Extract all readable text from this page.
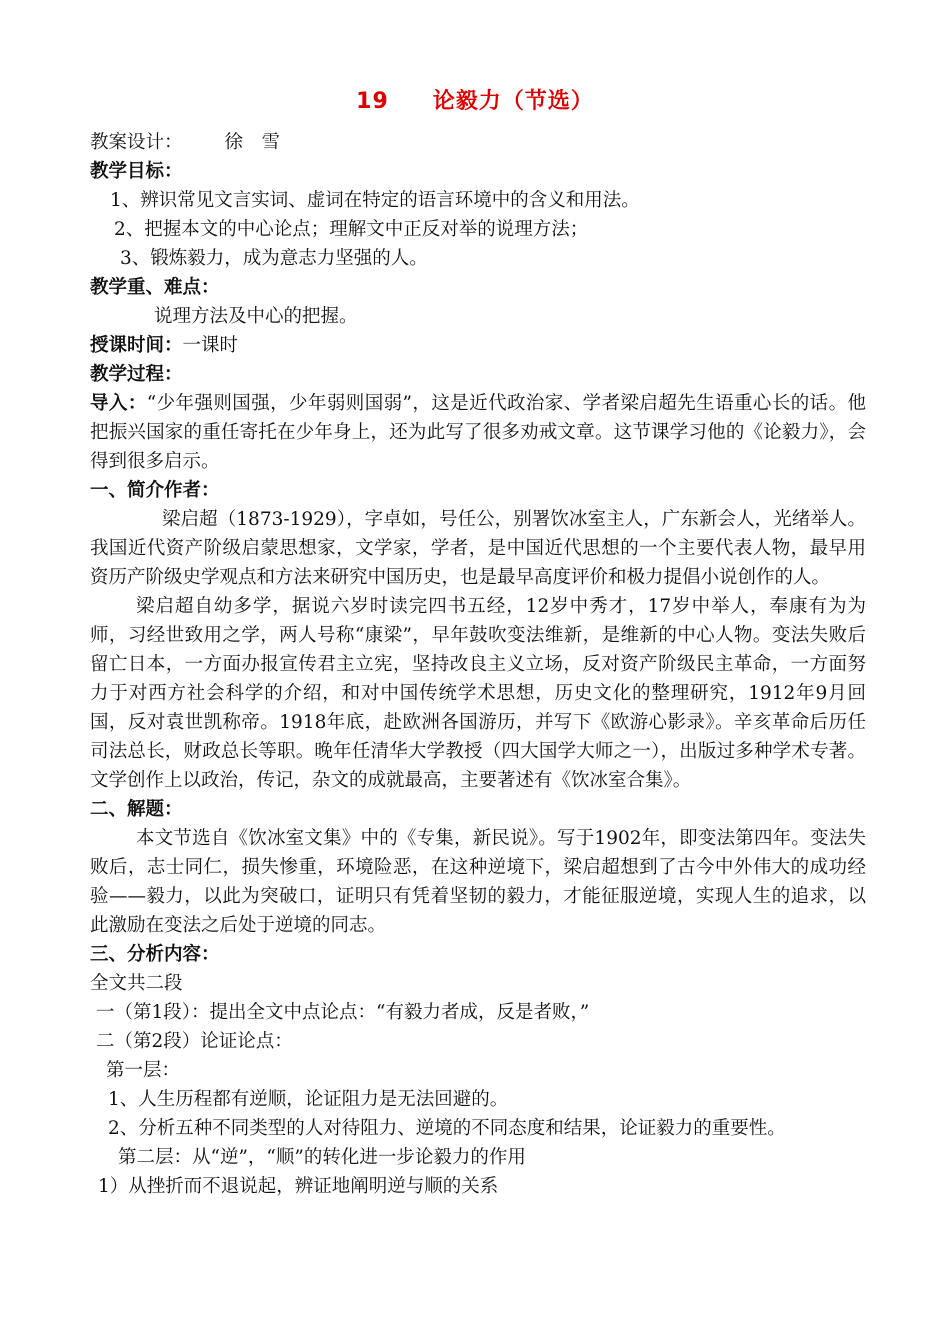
19 论毅力（节选）
教案设计： 徐　雪
教学目标：
1、辨识常见文言实词、虚词在特定的语言环境中的含义和用法。
2、把握本文的中心论点；理解文中正反对举的说理方法；
3、锻炼毅力，成为意志力坚强的人。
教学重、难点：
说理方法及中心的把握。
授课时间：一课时
教学过程：

导入：“少年强则国强，少年弱则国弱”，这是近代政治家、学者梁启超先生语重心长的话。他把振兴国家的重任寄托在少年身上，还为此写了很多劝戒文章。这节课学习他的《论毅力》，会得到很多启示。

一、简介作者：

梁启超（1873-1929），字卓如，号任公，别署饮冰室主人，广东新会人，光绪举人。我国近代资产阶级启蒙思想家，文学家，学者，是中国近代思想的一个主要代表人物，最早用资历产阶级史学观点和方法来研究中国历史，也是最早高度评价和极力提倡小说创作的人。

梁启超自幼多学，据说六岁时读完四书五经，12岁中秀才，17岁中举人，奉康有为为师，习经世致用之学，两人号称“康梁”，早年鼓吹变法维新，是维新的中心人物。变法失败后留亡日本，一方面办报宣传君主立宪，坚持改良主义立场，反对资产阶级民主革命，一方面努力于对西方社会科学的介绍，和对中国传统学术思想，历史文化的整理研究，1912年9月回国，反对袁世凯称帝。1918年底，赴欧洲各国游历，并写下《欧游心影录》。辛亥革命后历任司法总长，财政总长等职。晚年任清华大学教授（四大国学大师之一），出版过多种学术专著。文学创作上以政治，传记，杂文的成就最高，主要著述有《饮冰室合集》。

二、解题：

本文节选自《饮冰室文集》中的《专集，新民说》。写于1902年，即变法第四年。变法失败后，志士同仁，损失惨重，环境险恶，在这种逆境下，梁启超想到了古今中外伟大的成功经验——毅力，以此为突破口，证明只有凭着坚韧的毅力，才能征服逆境，实现人生的追求，以此激励在变法之后处于逆境的同志。

三、分析内容：
全文共二段
一（第1段）：提出全文中点论点：“有毅力者成，反是者败，”
二（第2段）论证论点：
第一层：
1、人生历程都有逆顺，论证阻力是无法回避的。
2、分析五种不同类型的人对待阻力、逆境的不同态度和结果，论证毅力的重要性。
第二层：从“逆”，“顺”的转化进一步论毅力的作用
1）从挫折而不退说起，辨证地阐明逆与顺的关系
